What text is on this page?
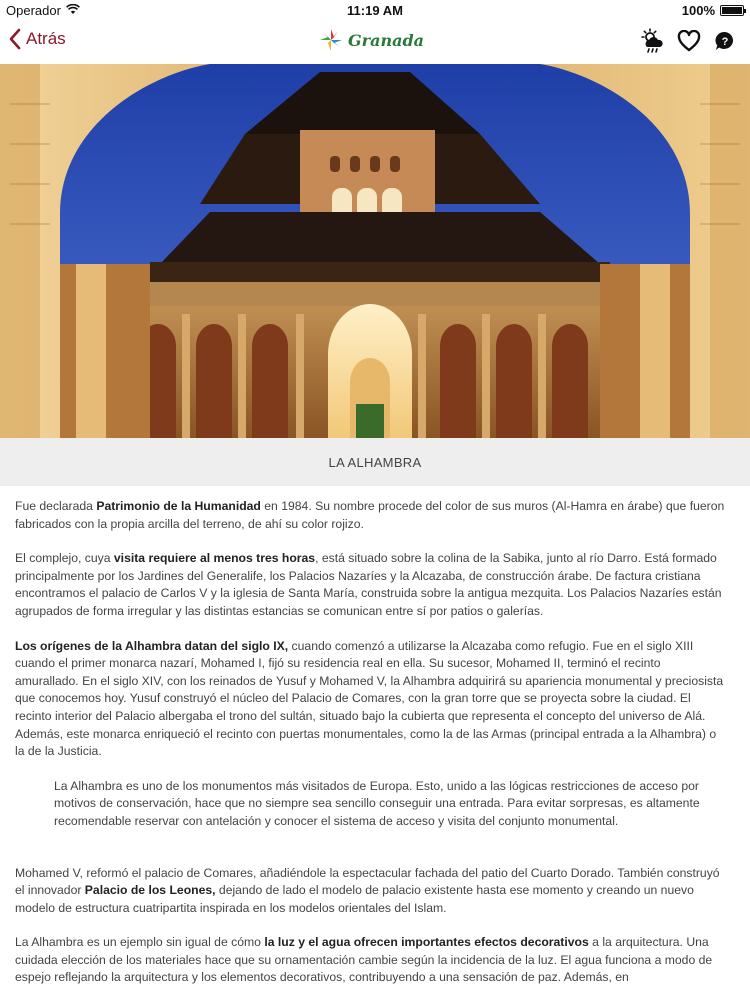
Operador	11:19 AM	100%
Atrás	Granada	?
LA ALHAMBRA

Fue declarada Patrimonio de la Humanidad en 1984. Su nombre procede del color de sus muros (Al-Hamra en árabe) que fueron fabricados con la propia arcilla del terreno, de ahí su color rojizo.

El complejo, cuya visita requiere al menos tres horas, está situado sobre la colina de la Sabika, junto al río Darro. Está formado principalmente por los Jardines del Generalife, los Palacios Nazaríes y la Alcazaba, de construcción árabe. De factura cristiana encontramos el palacio de Carlos V y la iglesia de Santa María, construida sobre la antigua mezquita. Los Palacios Nazaríes están agrupados de forma irregular y las distintas estancias se comunican entre sí por patios o galerías.

Los orígenes de la Alhambra datan del siglo IX, cuando comenzó a utilizarse la Alcazaba como refugio. Fue en el siglo XIII cuando el primer monarca nazarí, Mohamed I, fijó su residencia real en ella. Su sucesor, Mohamed II, terminó el recinto amurallado. En el siglo XIV, con los reinados de Yusuf y Mohamed V, la Alhambra adquirirá su apariencia monumental y preciosista que conocemos hoy. Yusuf construyó el núcleo del Palacio de Comares, con la gran torre que se proyecta sobre la ciudad. El recinto interior del Palacio albergaba el trono del sultán, situado bajo la cubierta que representa el concepto del universo de Alá. Además, este monarca enriqueció el recinto con puertas monumentales, como la de las Armas (principal entrada a la Alhambra) o la de la Justicia.

La Alhambra es uno de los monumentos más visitados de Europa. Esto, unido a las lógicas restricciones de acceso por motivos de conservación, hace que no siempre sea sencillo conseguir una entrada. Para evitar sorpresas, es altamente recomendable reservar con antelación y conocer el sistema de acceso y visita del conjunto monumental.

Mohamed V, reformó el palacio de Comares, añadiéndole la espectacular fachada del patio del Cuarto Dorado. También construyó el innovador Palacio de los Leones, dejando de lado el modelo de palacio existente hasta ese momento y creando un nuevo modelo de estructura cuatripartita inspirada en los modelos orientales del Islam.

La Alhambra es un ejemplo sin igual de cómo la luz y el agua ofrecen importantes efectos decorativos a la arquitectura. Una cuidada elección de los materiales hace que su ornamentación cambie según la incidencia de la luz. El agua funciona a modo de espejo reflejando la arquitectura y los elementos decorativos, contribuyendo a una sensación de paz. Además, en
